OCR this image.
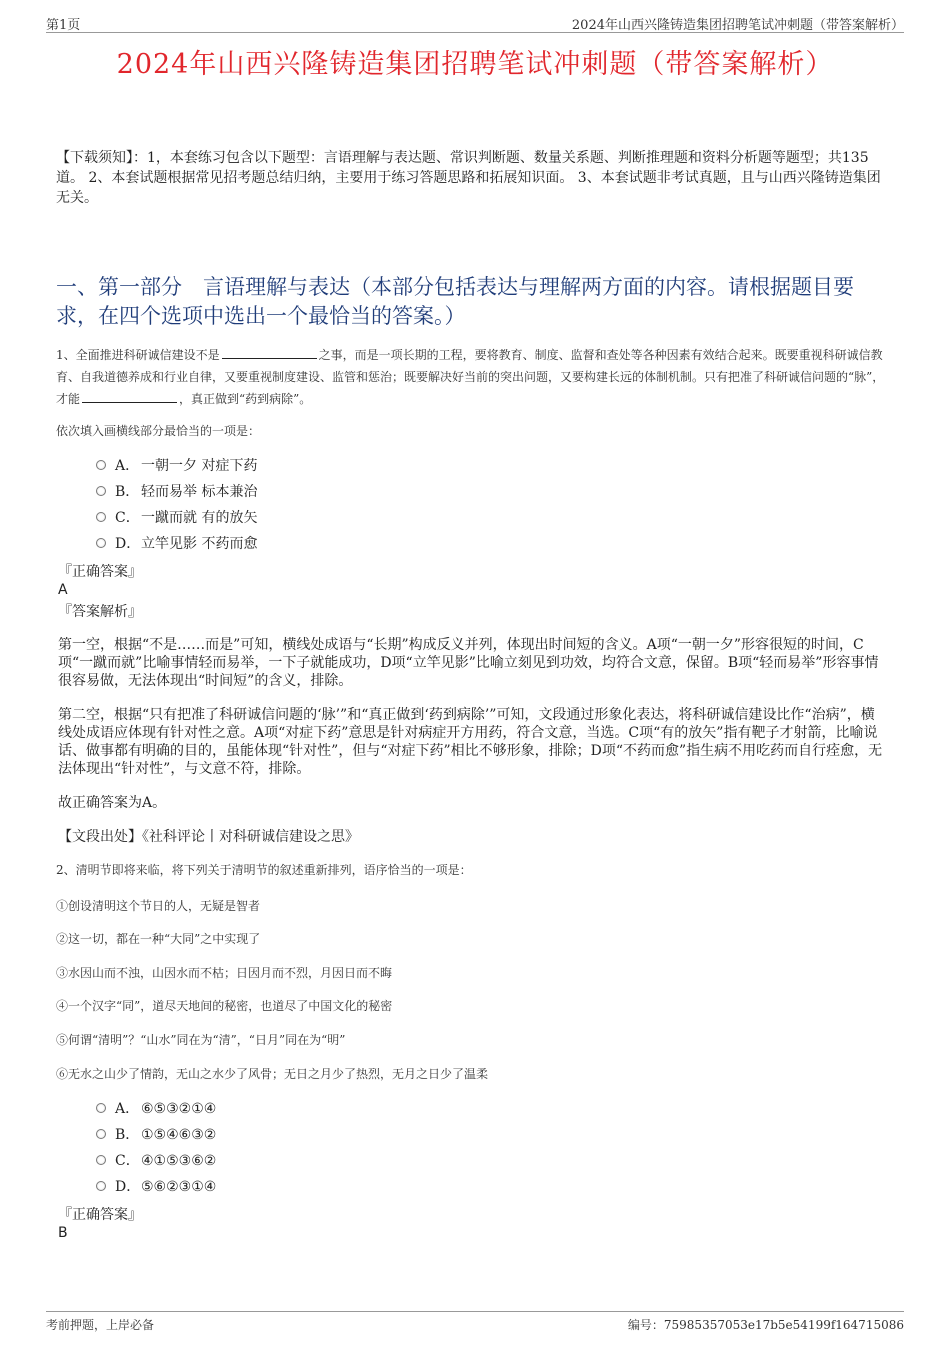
第1页	2024年山西兴隆铸造集团招聘笔试冲刺题（带答案解析）
2024年山西兴隆铸造集团招聘笔试冲刺题（带答案解析）
【下载须知】：1，本套练习包含以下题型：言语理解与表达题、常识判断题、数量关系题、判断推理题和资料分析题等题型；共135道。 2、本套试题根据常见招考题总结归纳，主要用于练习答题思路和拓展知识面。 3、本套试题非考试真题，且与山西兴隆铸造集团无关。
一、第一部分　言语理解与表达（本部分包括表达与理解两方面的内容。请根据题目要求，在四个选项中选出一个最恰当的答案。）
1、全面推进科研诚信建设不是	之事，而是一项长期的工程，要将教育、制度、监督和查处等各种因素有效结合起来。既要重视科研诚信教育、自我道德养成和行业自律，又要重视制度建设、监管和惩治；既要解决好当前的突出问题，又要构建长远的体制机制。只有把准了科研诚信问题的“脉”，才能	，真正做到“药到病除”。
依次填入画横线部分最恰当的一项是：
A． 一朝一夕 对症下药
B． 轻而易举 标本兼治
C．一蹴而就 有的放矢
D．立竿见影 不药而愈
『正确答案』
A
『答案解析』
第一空，根据“不是……而是”可知，横线处成语与“长期”构成反义并列，体现出时间短的含义。A项“一朝一夕”形容很短的时间，C项“一蹴而就”比喻事情轻而易举，一下子就能成功，D项“立竿见影”比喻立刻见到功效，均符合文意，保留。B项“轻而易举”形容事情很容易做，无法体现出“时间短”的含义，排除。
第二空，根据“只有把准了科研诚信问题的‘脉’”和“真正做到‘药到病除’”可知，文段通过形象化表达，将科研诚信建设比作“治病”，横线处成语应体现有针对性之意。A项“对症下药”意思是针对病症开方用药，符合文意，当选。C项“有的放矢”指有靶子才射箭，比喻说话、做事都有明确的目的，虽能体现“针对性”，但与“对症下药”相比不够形象，排除；D项“不药而愈”指生病不用吃药而自行痊愈，无法体现出“针对性”，与文意不符，排除。
故正确答案为A。
【文段出处】《社科评论丨对科研诚信建设之思》
2、清明节即将来临，将下列关于清明节的叙述重新排列，语序恰当的一项是：
①创设清明这个节日的人，无疑是智者
②这一切，都在一种“大同”之中实现了
③水因山而不浊，山因水而不枯；日因月而不烈，月因日而不晦
④一个汉字“同”，道尽天地间的秘密，也道尽了中国文化的秘密
⑤何谓“清明”？“山水”同在为“清”，“日月”同在为“明”
⑥无水之山少了情韵，无山之水少了风骨；无日之月少了热烈，无月之日少了温柔
A． ⑥⑤③②①④
B． ①⑤④⑥③②
C．④①⑤③⑥②
D．⑤⑥②③①④
『正确答案』
B
考前押题，上岸必备	编号：75985357053e17b5e54199f164715086
